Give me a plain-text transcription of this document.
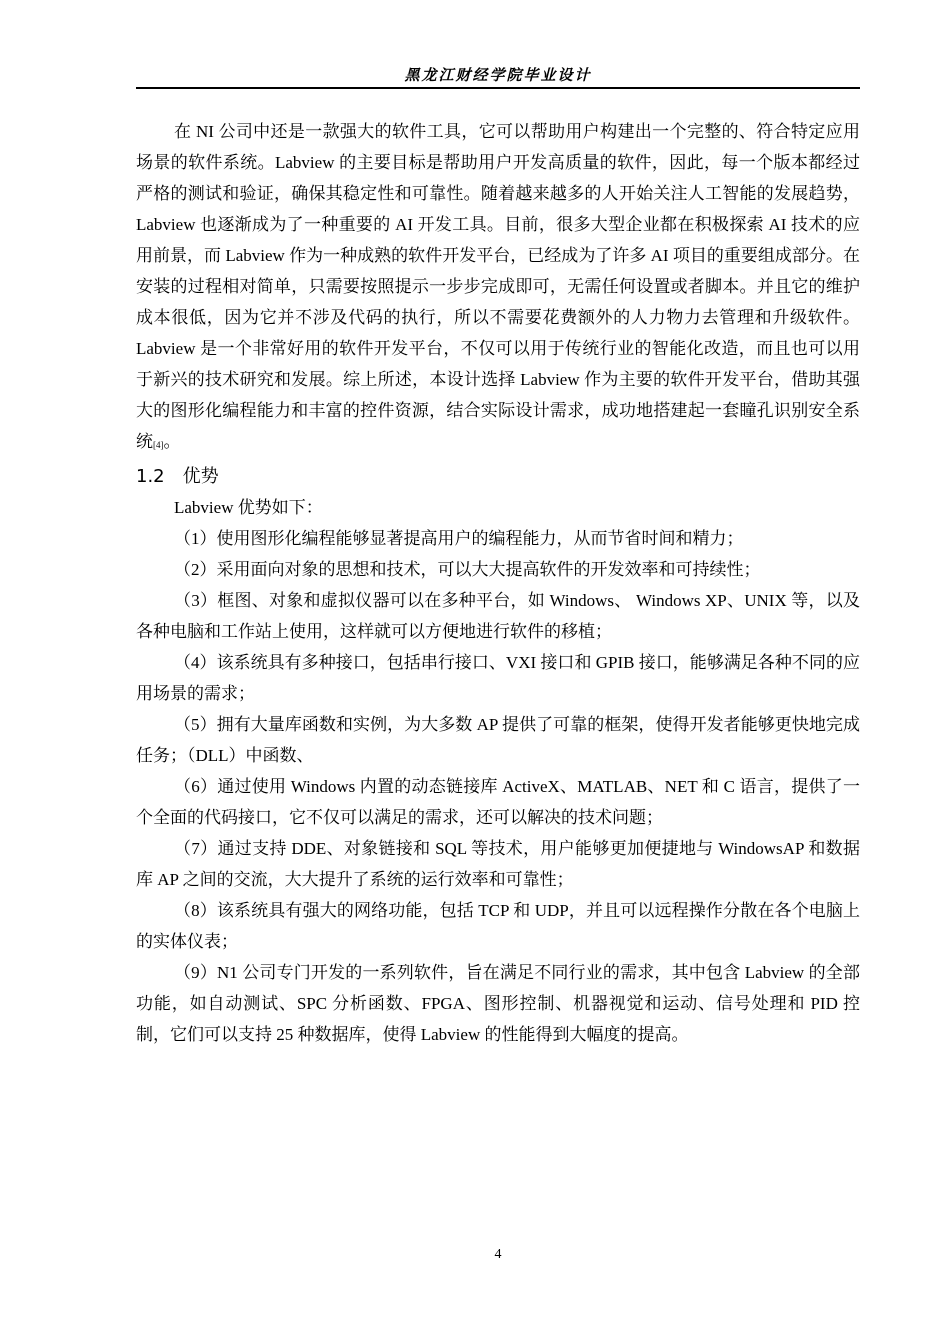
黑龙江财经学院毕业设计

在 NI 公司中还是一款强大的软件工具，它可以帮助用户构建出一个完整的、符合特定应用场景的软件系统。Labview 的主要目标是帮助用户开发高质量的软件，因此，每一个版本都经过严格的测试和验证，确保其稳定性和可靠性。随着越来越多的人开始关注人工智能的发展趋势，Labview 也逐渐成为了一种重要的 AI 开发工具。目前，很多大型企业都在积极探索 AI 技术的应用前景，而 Labview 作为一种成熟的软件开发平台，已经成为了许多 AI 项目的重要组成部分。在安装的过程相对简单，只需要按照提示一步步完成即可，无需任何设置或者脚本。并且它的维护成本很低，因为它并不涉及代码的执行，所以不需要花费额外的人力物力去管理和升级软件。Labview 是一个非常好用的软件开发平台，不仅可以用于传统行业的智能化改造，而且也可以用于新兴的技术研究和发展。综上所述，本设计选择 Labview 作为主要的软件开发平台，借助其强大的图形化编程能力和丰富的控件资源，结合实际设计需求，成功地搭建起一套瞳孔识别安全系统[4]。

1.2 优势

Labview 优势如下：

（1）使用图形化编程能够显著提高用户的编程能力，从而节省时间和精力；

（2）采用面向对象的思想和技术，可以大大提高软件的开发效率和可持续性；

（3）框图、对象和虚拟仪器可以在多种平台，如 Windows、 Windows XP、UNIX 等，以及各种电脑和工作站上使用，这样就可以方便地进行软件的移植；

（4）该系统具有多种接口，包括串行接口、VXI 接口和 GPIB 接口，能够满足各种不同的应用场景的需求；

（5）拥有大量库函数和实例，为大多数 AP 提供了可靠的框架，使得开发者能够更快地完成任务；（DLL）中函数、

（6）通过使用 Windows 内置的动态链接库 ActiveX、MATLAB、NET 和 C 语言，提供了一个全面的代码接口，它不仅可以满足的需求，还可以解决的技术问题；

（7）通过支持 DDE、对象链接和 SQL 等技术，用户能够更加便捷地与 WindowsAP 和数据库 AP 之间的交流，大大提升了系统的运行效率和可靠性；

（8）该系统具有强大的网络功能，包括 TCP 和 UDP，并且可以远程操作分散在各个电脑上的实体仪表；

（9）N1 公司专门开发的一系列软件，旨在满足不同行业的需求，其中包含 Labview 的全部功能，如自动测试、SPC 分析函数、FPGA、图形控制、机器视觉和运动、信号处理和 PID 控制，它们可以支持 25 种数据库，使得 Labview 的性能得到大幅度的提高。

4
